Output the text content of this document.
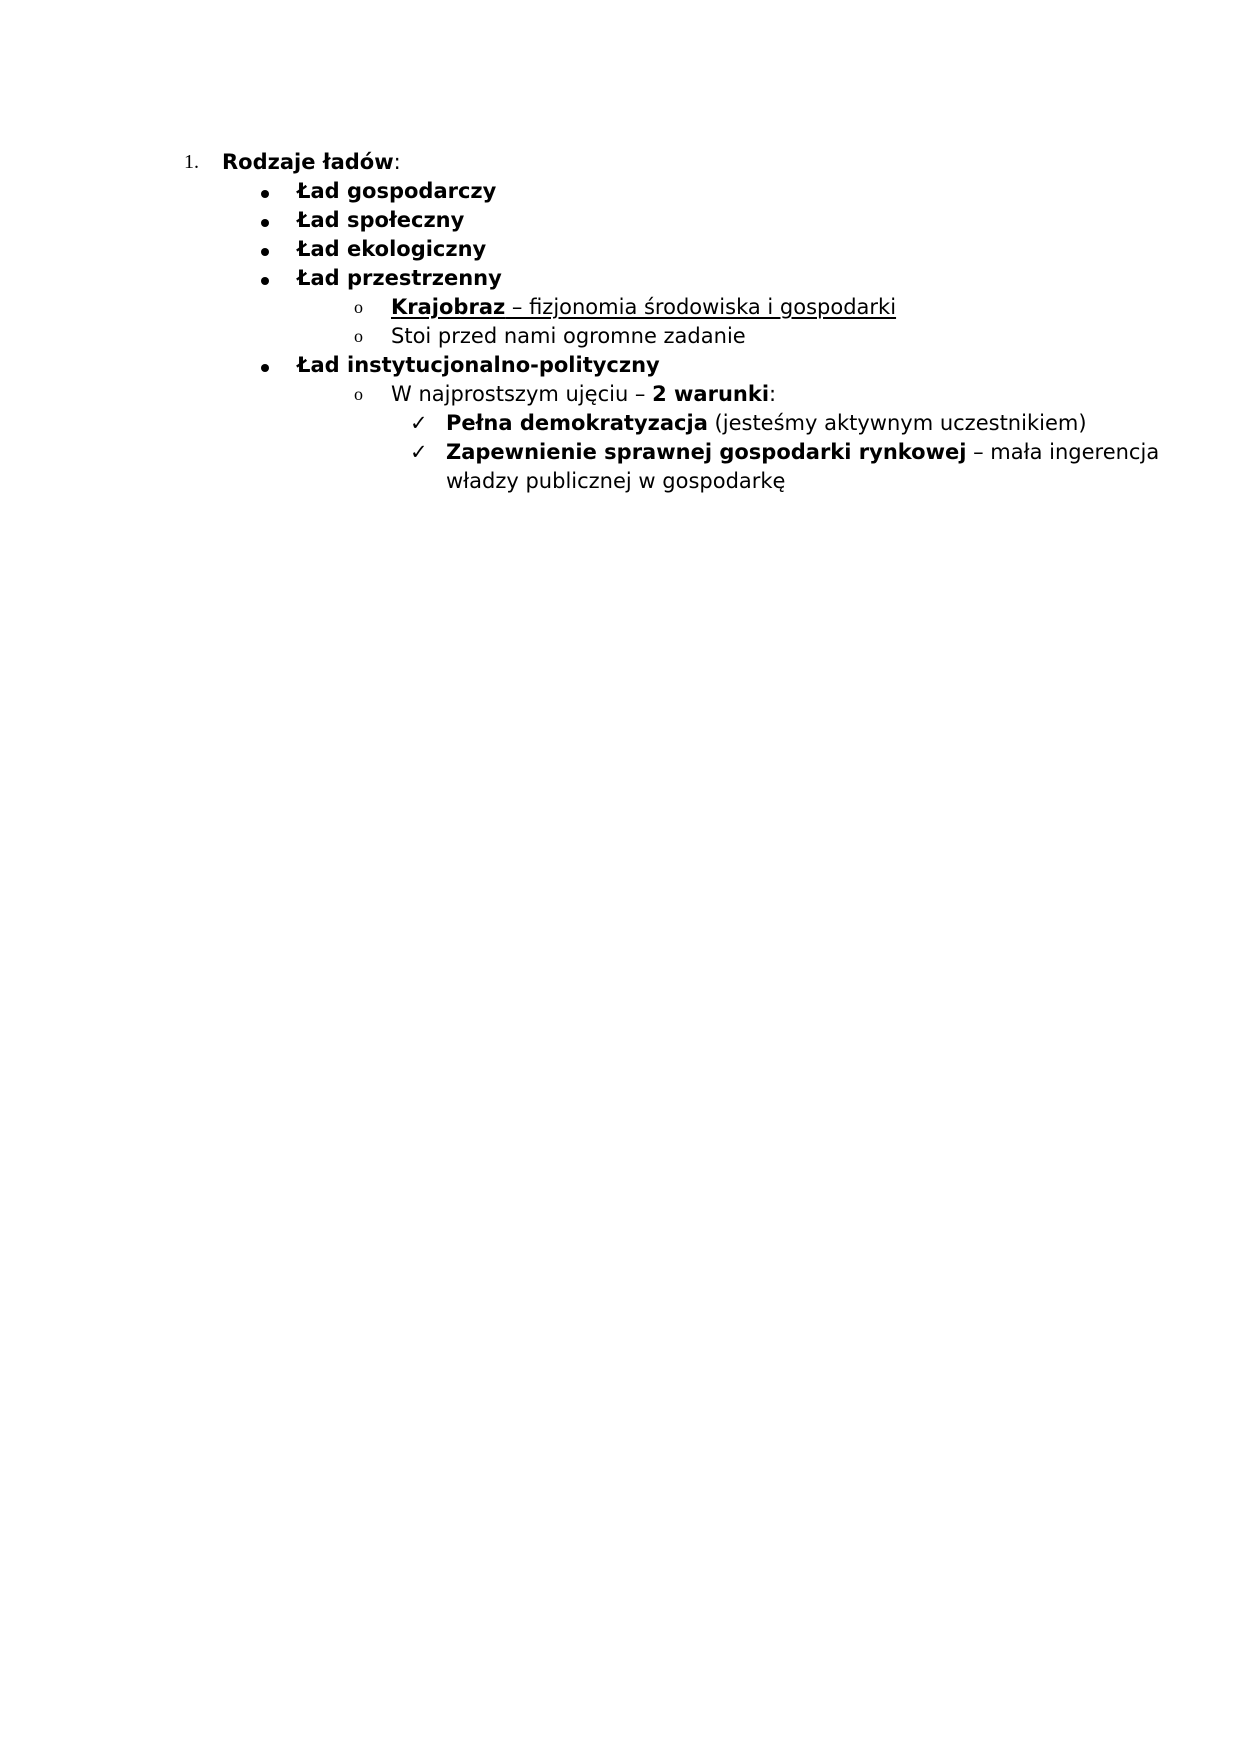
1. Rodzaje ładów:
Ład gospodarczy
Ład społeczny
Ład ekologiczny
Ład przestrzenny
o Krajobraz – fizjonomia środowiska i gospodarki
o Stoi przed nami ogromne zadanie
Ład instytucjonalno-polityczny
o W najprostszym ujęciu – 2 warunki:
✓ Pełna demokratyzacja (jesteśmy aktywnym uczestnikiem)
✓ Zapewnienie sprawnej gospodarki rynkowej – mała ingerencja
władzy publicznej w gospodarkę
